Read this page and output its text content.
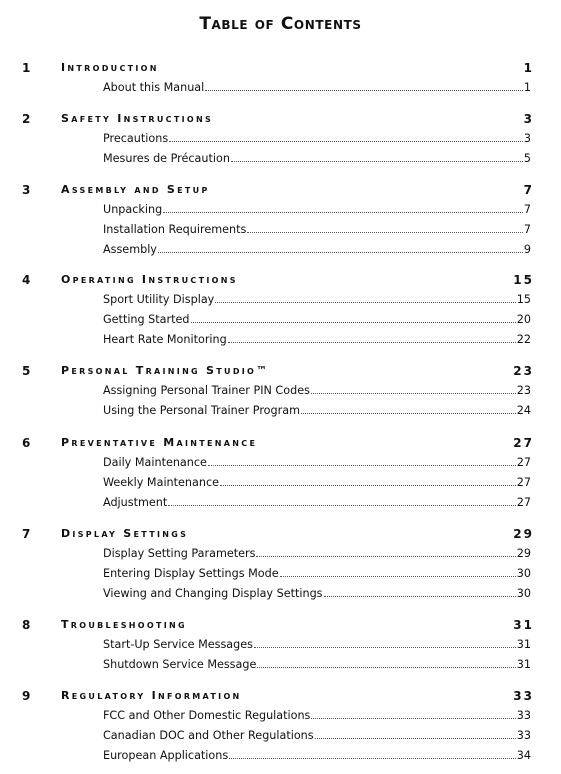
Table of Contents
1	Introduction	1
About this Manual	1
2	Safety Instructions	3
Precautions	3
Mesures de Précaution	5
3	Assembly and Setup	7
Unpacking	7
Installation Requirements	7
Assembly	9
4	Operating Instructions	15
Sport Utility Display	15
Getting Started	20
Heart Rate Monitoring	22
5	Personal Training Studio™	23
Assigning Personal Trainer PIN Codes	23
Using the Personal Trainer Program	24
6	Preventative Maintenance	27
Daily Maintenance	27
Weekly Maintenance	27
Adjustment	27
7	Display Settings	29
Display Setting Parameters	29
Entering Display Settings Mode	30
Viewing and Changing Display Settings	30
8	Troubleshooting	31
Start-Up Service Messages	31
Shutdown Service Message	31
9	Regulatory Information	33
FCC and Other Domestic Regulations	33
Canadian DOC and Other Regulations	33
European Applications	34
